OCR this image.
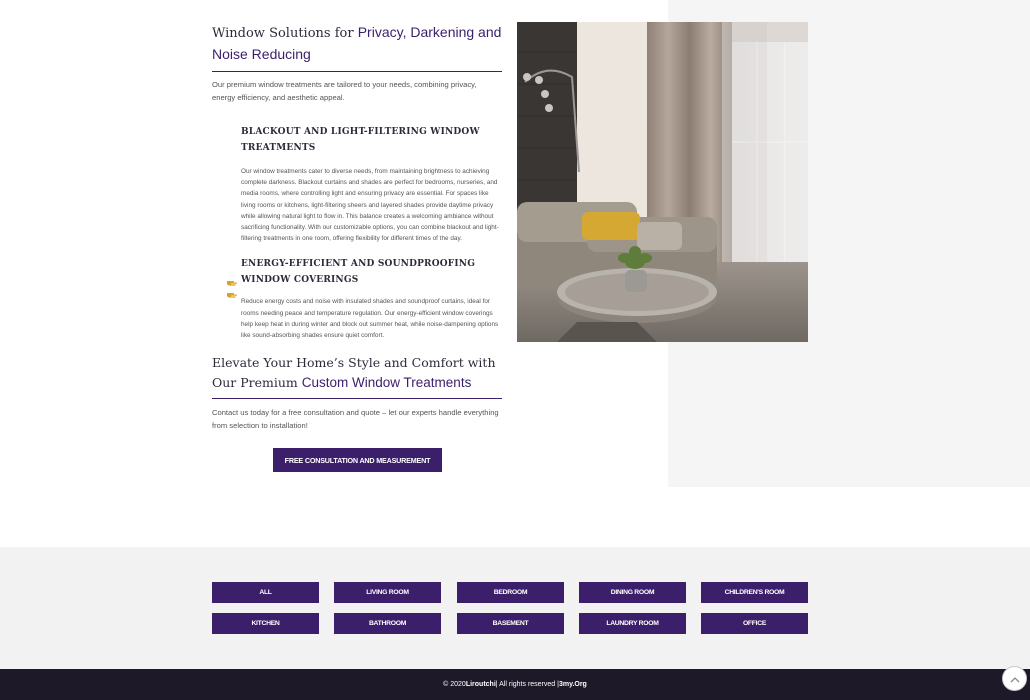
Window Solutions for Privacy, Darkening and Noise Reducing

Our premium window treatments are tailored to your needs, combining privacy, energy efficiency, and aesthetic appeal.

BLACKOUT AND LIGHT-FILTERING WINDOW TREATMENTS

Our window treatments cater to diverse needs, from maintaining brightness to achieving complete darkness. Blackout curtains and shades are perfect for bedrooms, nurseries, and media rooms, where controlling light and ensuring privacy are essential. For spaces like living rooms or kitchens, light-filtering sheers and layered shades provide daytime privacy while allowing natural light to flow in. This balance creates a welcoming ambiance without sacrificing functionality. With our customizable options, you can combine blackout and light-filtering treatments in one room, offering flexibility for different times of the day.

ENERGY-EFFICIENT AND SOUNDPROOFING WINDOW COVERINGS

Reduce energy costs and noise with insulated shades and soundproof curtains, ideal for rooms needing peace and temperature regulation. Our energy-efficient window coverings help keep heat in during winter and block out summer heat, while noise-dampening options like sound-absorbing shades ensure quiet comfort.

Elevate Your Home’s Style and Comfort with Our Premium Custom Window Treatments

Contact us today for a free consultation and quote – let our experts handle everything from selection to installation!

FREE CONSULTATION AND MEASUREMENT
ALL	LIVING ROOM	BEDROOM	DINING ROOM	CHILDREN'S ROOM
KITCHEN	BATHROOM	BASEMENT	LAUNDRY ROOM	OFFICE
© 2020 Liroutchi | All rights reserved | 3my.Org
